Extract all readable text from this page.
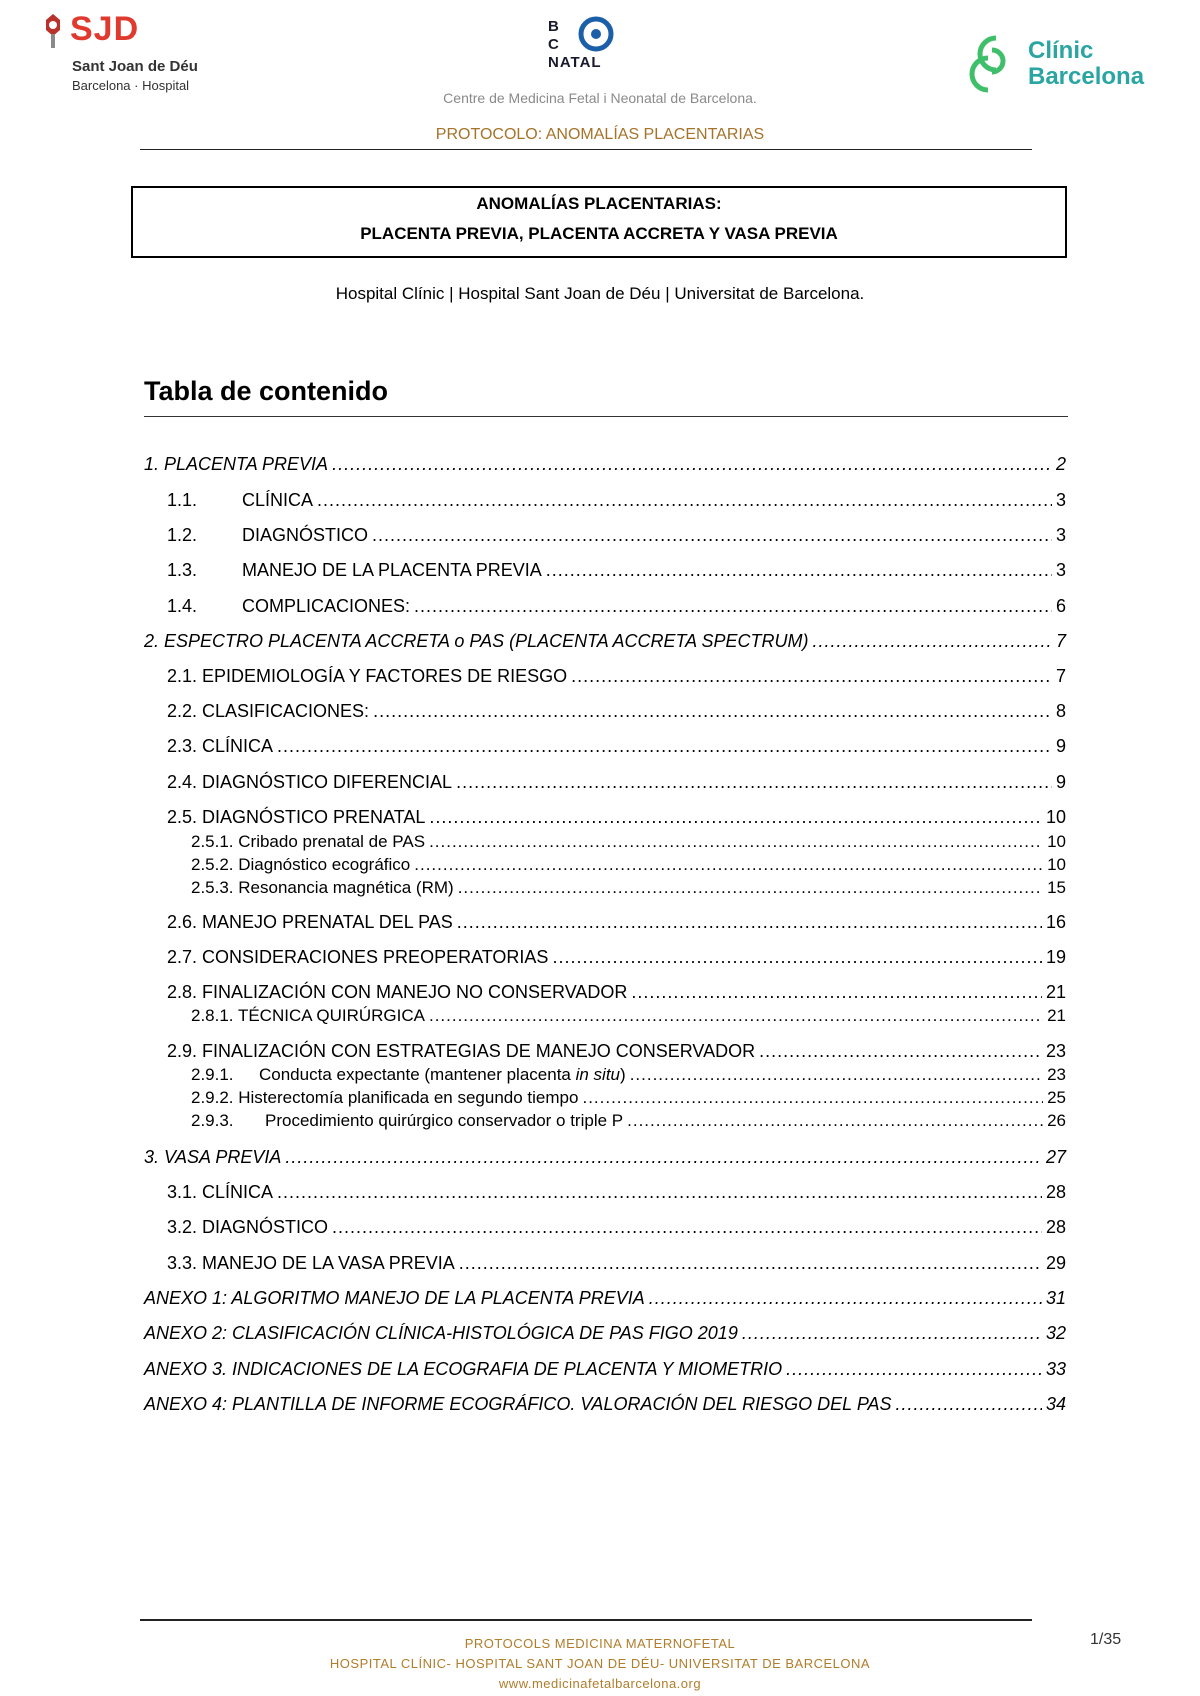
SJD
Sant Joan de Déu
Barcelona · Hospital
B
C
NATAL	Clínic
Barcelona
Centre de Medicina Fetal i Neonatal de Barcelona.
PROTOCOLO: ANOMALÍAS PLACENTARIAS
ANOMALÍAS PLACENTARIAS:
PLACENTA PREVIA, PLACENTA ACCRETA Y VASA PREVIA
Hospital Clínic | Hospital Sant Joan de Déu | Universitat de Barcelona.
Tabla de contenido
1. PLACENTA PREVIA .....	2
1.1. CLÍNICA .....	3
1.2. DIAGNÓSTICO .....	3
1.3. MANEJO DE LA PLACENTA PREVIA .....	3
1.4. COMPLICACIONES: .....	6
2. ESPECTRO PLACENTA ACCRETA o PAS (PLACENTA ACCRETA SPECTRUM) .....	7
2.1. EPIDEMIOLOGÍA Y FACTORES DE RIESGO .....	7
2.2. CLASIFICACIONES: .....	8
2.3. CLÍNICA .....	9
2.4. DIAGNÓSTICO DIFERENCIAL .....	9
2.5. DIAGNÓSTICO PRENATAL .....	10
2.5.1. Cribado prenatal de PAS .....	10
2.5.2. Diagnóstico ecográfico .....	10
2.5.3. Resonancia magnética (RM) .....	15
2.6. MANEJO PRENATAL DEL PAS .....	16
2.7. CONSIDERACIONES PREOPERATORIAS .....	19
2.8. FINALIZACIÓN CON MANEJO NO CONSERVADOR .....	21
2.8.1. TÉCNICA QUIRÚRGICA .....	21
2.9. FINALIZACIÓN CON ESTRATEGIAS DE MANEJO CONSERVADOR .....	23
2.9.1. Conducta expectante (mantener placenta in situ) .....	23
2.9.2. Histerectomía planificada en segundo tiempo .....	25
2.9.3. Procedimiento quirúrgico conservador o triple P .....	26
3. VASA PREVIA .....	27
3.1. CLÍNICA .....	28
3.2. DIAGNÓSTICO .....	28
3.3. MANEJO DE LA VASA PREVIA .....	29
ANEXO 1: ALGORITMO MANEJO DE LA PLACENTA PREVIA .....	31
ANEXO 2: CLASIFICACIÓN CLÍNICA-HISTOLÓGICA DE PAS FIGO 2019 .....	32
ANEXO 3. INDICACIONES DE LA ECOGRAFIA DE PLACENTA Y MIOMETRIO .....	33
ANEXO 4: PLANTILLA DE INFORME ECOGRÁFICO. VALORACIÓN DEL RIESGO DEL PAS .....	34
PROTOCOLS MEDICINA MATERNOFETAL
HOSPITAL CLÍNIC- HOSPITAL SANT JOAN DE DÉU- UNIVERSITAT DE BARCELONA
www.medicinafetalbarcelona.org
1/35
